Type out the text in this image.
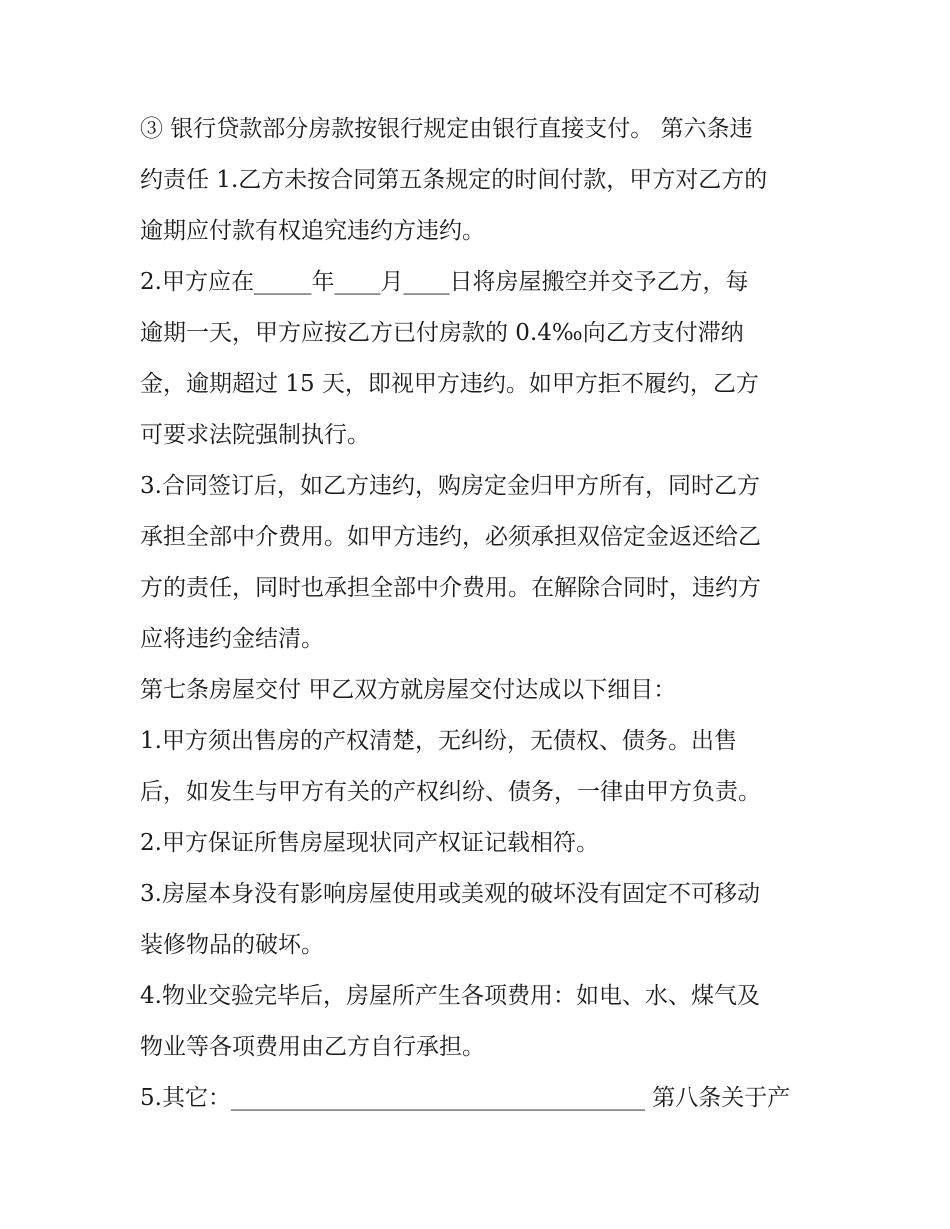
③ 银行贷款部分房款按银行规定由银行直接支付。 第六条违
约责任 1.乙方未按合同第五条规定的时间付款，甲方对乙方的
逾期应付款有权追究违约方违约。
2.甲方应在_____年____月____日将房屋搬空并交予乙方，每
逾期一天，甲方应按乙方已付房款的 0.4‰向乙方支付滞纳
金，逾期超过 15 天，即视甲方违约。如甲方拒不履约，乙方
可要求法院强制执行。
3.合同签订后，如乙方违约，购房定金归甲方所有，同时乙方
承担全部中介费用。如甲方违约，必须承担双倍定金返还给乙
方的责任，同时也承担全部中介费用。在解除合同时，违约方
应将违约金结清。
第七条房屋交付 甲乙双方就房屋交付达成以下细目：
1.甲方须出售房的产权清楚，无纠纷，无债权、债务。出售
后，如发生与甲方有关的产权纠纷、债务，一律由甲方负责。
2.甲方保证所售房屋现状同产权证记载相符。
3.房屋本身没有影响房屋使用或美观的破坏没有固定不可移动
装修物品的破坏。
4.物业交验完毕后，房屋所产生各项费用：如电、水、煤气及
物业等各项费用由乙方自行承担。
5.其它：____________________________________ 第八条关于产
